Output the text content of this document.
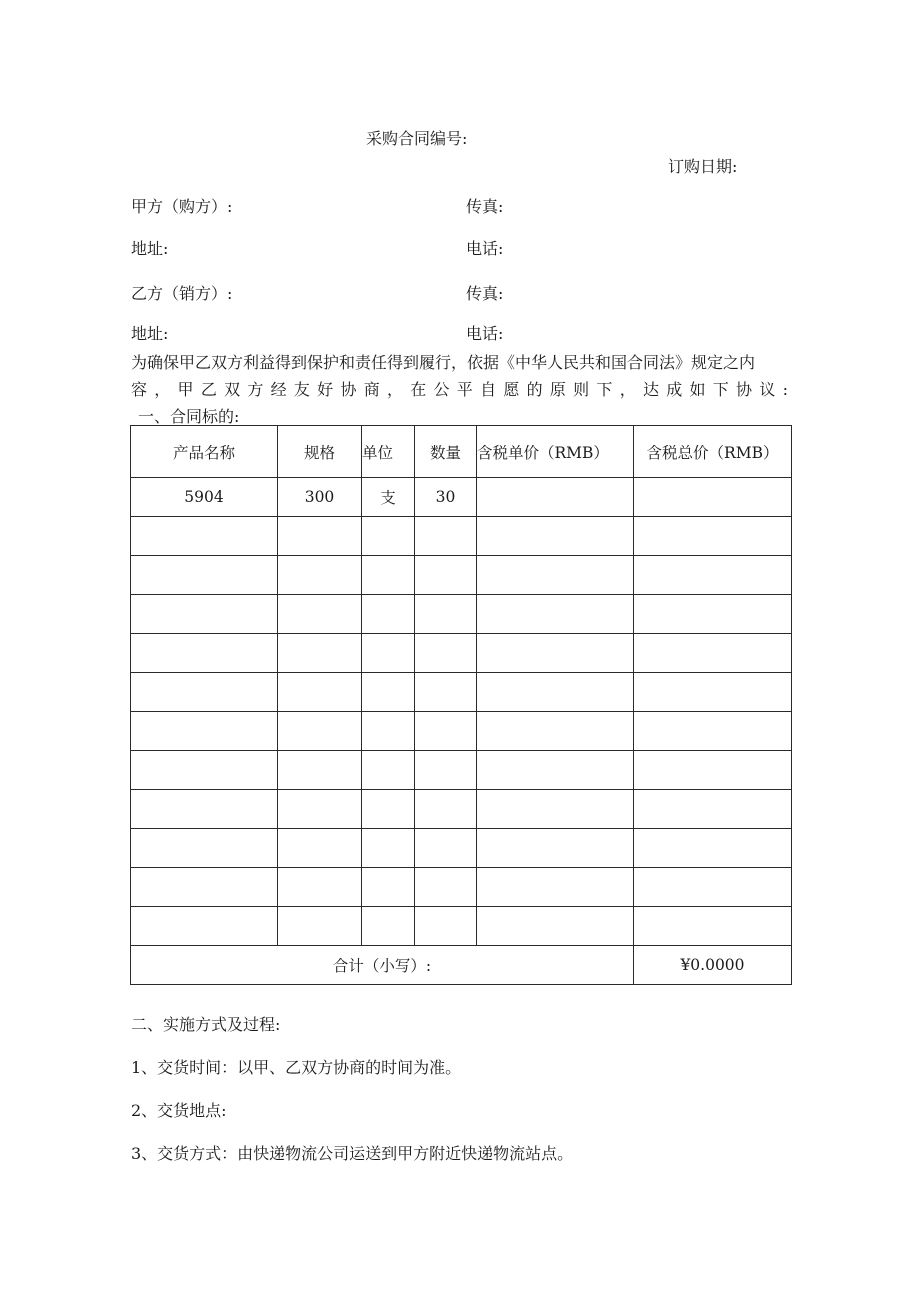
采购合同编号:
订购日期:
甲方（购方）:	传真:
地址:	电话:
乙方（销方）:	传真:
地址:	电话:
为确保甲乙双方利益得到保护和责任得到履行，依据《中华人民共和国合同法》规定之内
容，甲乙双方经友好协商，在公平自愿的原则下，达成如下协议:
一、合同标的:
产品名称	规格	单位	数量	含税单价（RMB）	含税总价（RMB）
5904	300	支	30		

合计（小写）:					¥0.0000
二、实施方式及过程:
1、交货时间：以甲、乙双方协商的时间为准。
2、交货地点:
3、交货方式：由快递物流公司运送到甲方附近快递物流站点。
